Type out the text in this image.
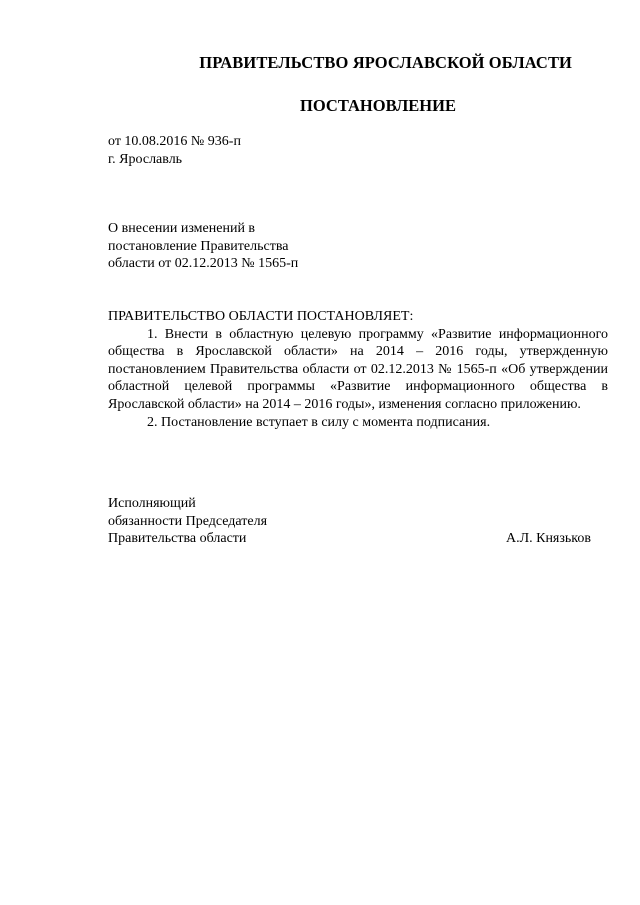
ПРАВИТЕЛЬСТВО ЯРОСЛАВСКОЙ ОБЛАСТИ
ПОСТАНОВЛЕНИЕ
от 10.08.2016 № 936-п
г. Ярославль
О внесении изменений в
постановление Правительства
области от 02.12.2013 № 1565-п

ПРАВИТЕЛЬСТВО ОБЛАСТИ ПОСТАНОВЛЯЕТ:

1. Внести в областную целевую программу «Развитие информационного общества в Ярославской области» на 2014 – 2016 годы, утвержденную постановлением Правительства области от 02.12.2013 № 1565-п «Об утверждении областной целевой программы «Развитие информационного общества в Ярославской области» на 2014 – 2016 годы», изменения согласно приложению.

2. Постановление вступает в силу с момента подписания.

Исполняющий
обязанности Председателя
Правительства области	А.Л. Князьков
